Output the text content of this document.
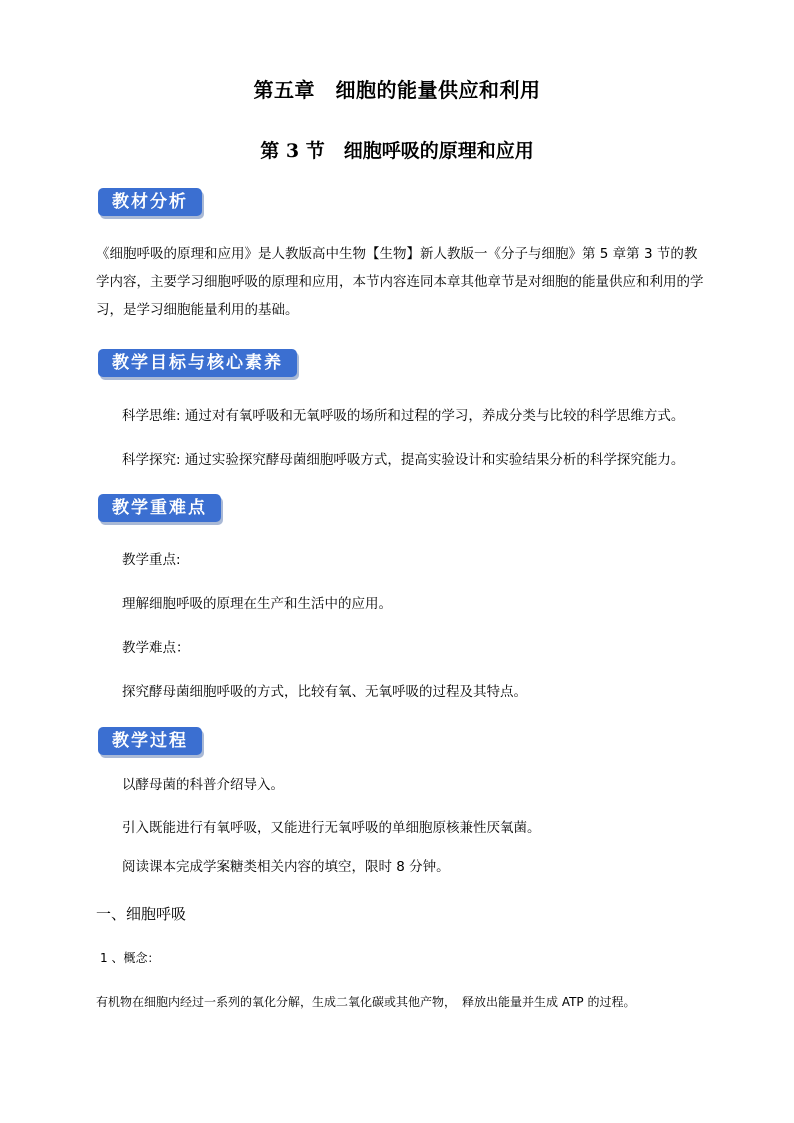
第五章　细胞的能量供应和利用
第 3 节　细胞呼吸的原理和应用
教材分析

《细胞呼吸的原理和应用》是人教版高中生物【生物】新人教版一《分子与细胞》第 5 章第 3 节的教学内容，主要学习细胞呼吸的原理和应用，本节内容连同本章其他章节是对细胞的能量供应和利用的学习，是学习细胞能量利用的基础。

教学目标与核心素养

科学思维: 通过对有氧呼吸和无氧呼吸的场所和过程的学习，养成分类与比较的科学思维方式。

科学探究: 通过实验探究酵母菌细胞呼吸方式，提高实验设计和实验结果分析的科学探究能力。

教学重难点

教学重点:

理解细胞呼吸的原理在生产和生活中的应用。

教学难点：

探究酵母菌细胞呼吸的方式，比较有氧、无氧呼吸的过程及其特点。

教学过程

以酵母菌的科普介绍导入。

引入既能进行有氧呼吸，又能进行无氧呼吸的单细胞原核兼性厌氧菌。

阅读课本完成学案糖类相关内容的填空，限时 8 分钟。

一、细胞呼吸

1 、概念：

有机物在细胞内经过一系列的氧化分解，生成二氧化碳或其他产物，　释放出能量并生成 ATP 的过程。
